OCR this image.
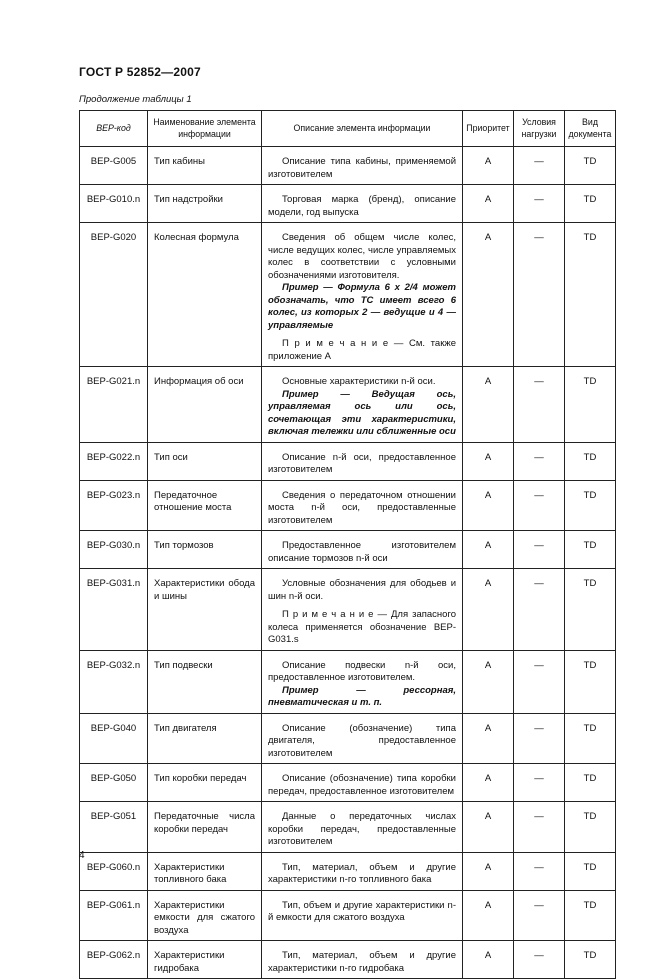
ГОСТ Р 52852—2007
Продолжение таблицы 1
ВЕР-код	Наименование элемента информации	Описание элемента информации	Приоритет	Условия нагрузки	Вид документа
ВЕР-G005	Тип кабины	Описание типа кабины, применяемой изготовителем	A	—	TD
ВЕР-G010.n	Тип надстройки	Торговая марка (бренд), описание модели, год выпуска	A	—	TD
ВЕР-G020	Колесная формула	Сведения об общем числе колес, числе ведущих колес, числе управляемых колес в соответствии с условными обозначениями изготовителя.
Пример — Формула 6 x 2/4 может обозначать, что ТС имеет всего 6 колес, из которых 2 — ведущие и 4 — управляемые
П р и м е ч а н и е — См. также приложение А	A	—	TD
ВЕР-G021.n	Информация об оси	Основные характеристики n-й оси.
Пример — Ведущая ось, управляемая ось или ось, сочетающая эти характеристики, включая тележки или сближенные оси	A	—	TD
ВЕР-G022.n	Тип оси	Описание n-й оси, предоставленное изготовителем	A	—	TD
ВЕР-G023.n	Передаточное отношение моста	Сведения о передаточном отношении моста n-й оси, предоставленные изготовителем	A	—	TD
ВЕР-G030.n	Тип тормозов	Предоставленное изготовителем описание тормозов n-й оси	A	—	TD
ВЕР-G031.n	Характеристики обода и шины	Условные обозначения для ободьев и шин n-й оси.
П р и м е ч а н и е — Для запасного колеса применяется обозначение ВЕР-G031.s	A	—	TD
ВЕР-G032.n	Тип подвески	Описание подвески n-й оси, предоставленное изготовителем.
Пример — рессорная, пневматическая и т. п.	A	—	TD
ВЕР-G040	Тип двигателя	Описание (обозначение) типа двигателя, предоставленное изготовителем	A	—	TD
ВЕР-G050	Тип коробки передач	Описание (обозначение) типа коробки передач, предоставленное изготовителем	A	—	TD
ВЕР-G051	Передаточные числа коробки передач	Данные о передаточных числах коробки передач, предоставленные изготовителем	A	—	TD
ВЕР-G060.n	Характеристики топливного бака	Тип, материал, объем и другие характеристики n-го топливного бака	A	—	TD
ВЕР-G061.n	Характеристики емкости для сжатого воздуха	Тип, объем и другие характеристики n-й емкости для сжатого воздуха	A	—	TD
ВЕР-G062.n	Характеристики гидробака	Тип, материал, объем и другие характеристики n-го гидробака	A	—	TD
4
